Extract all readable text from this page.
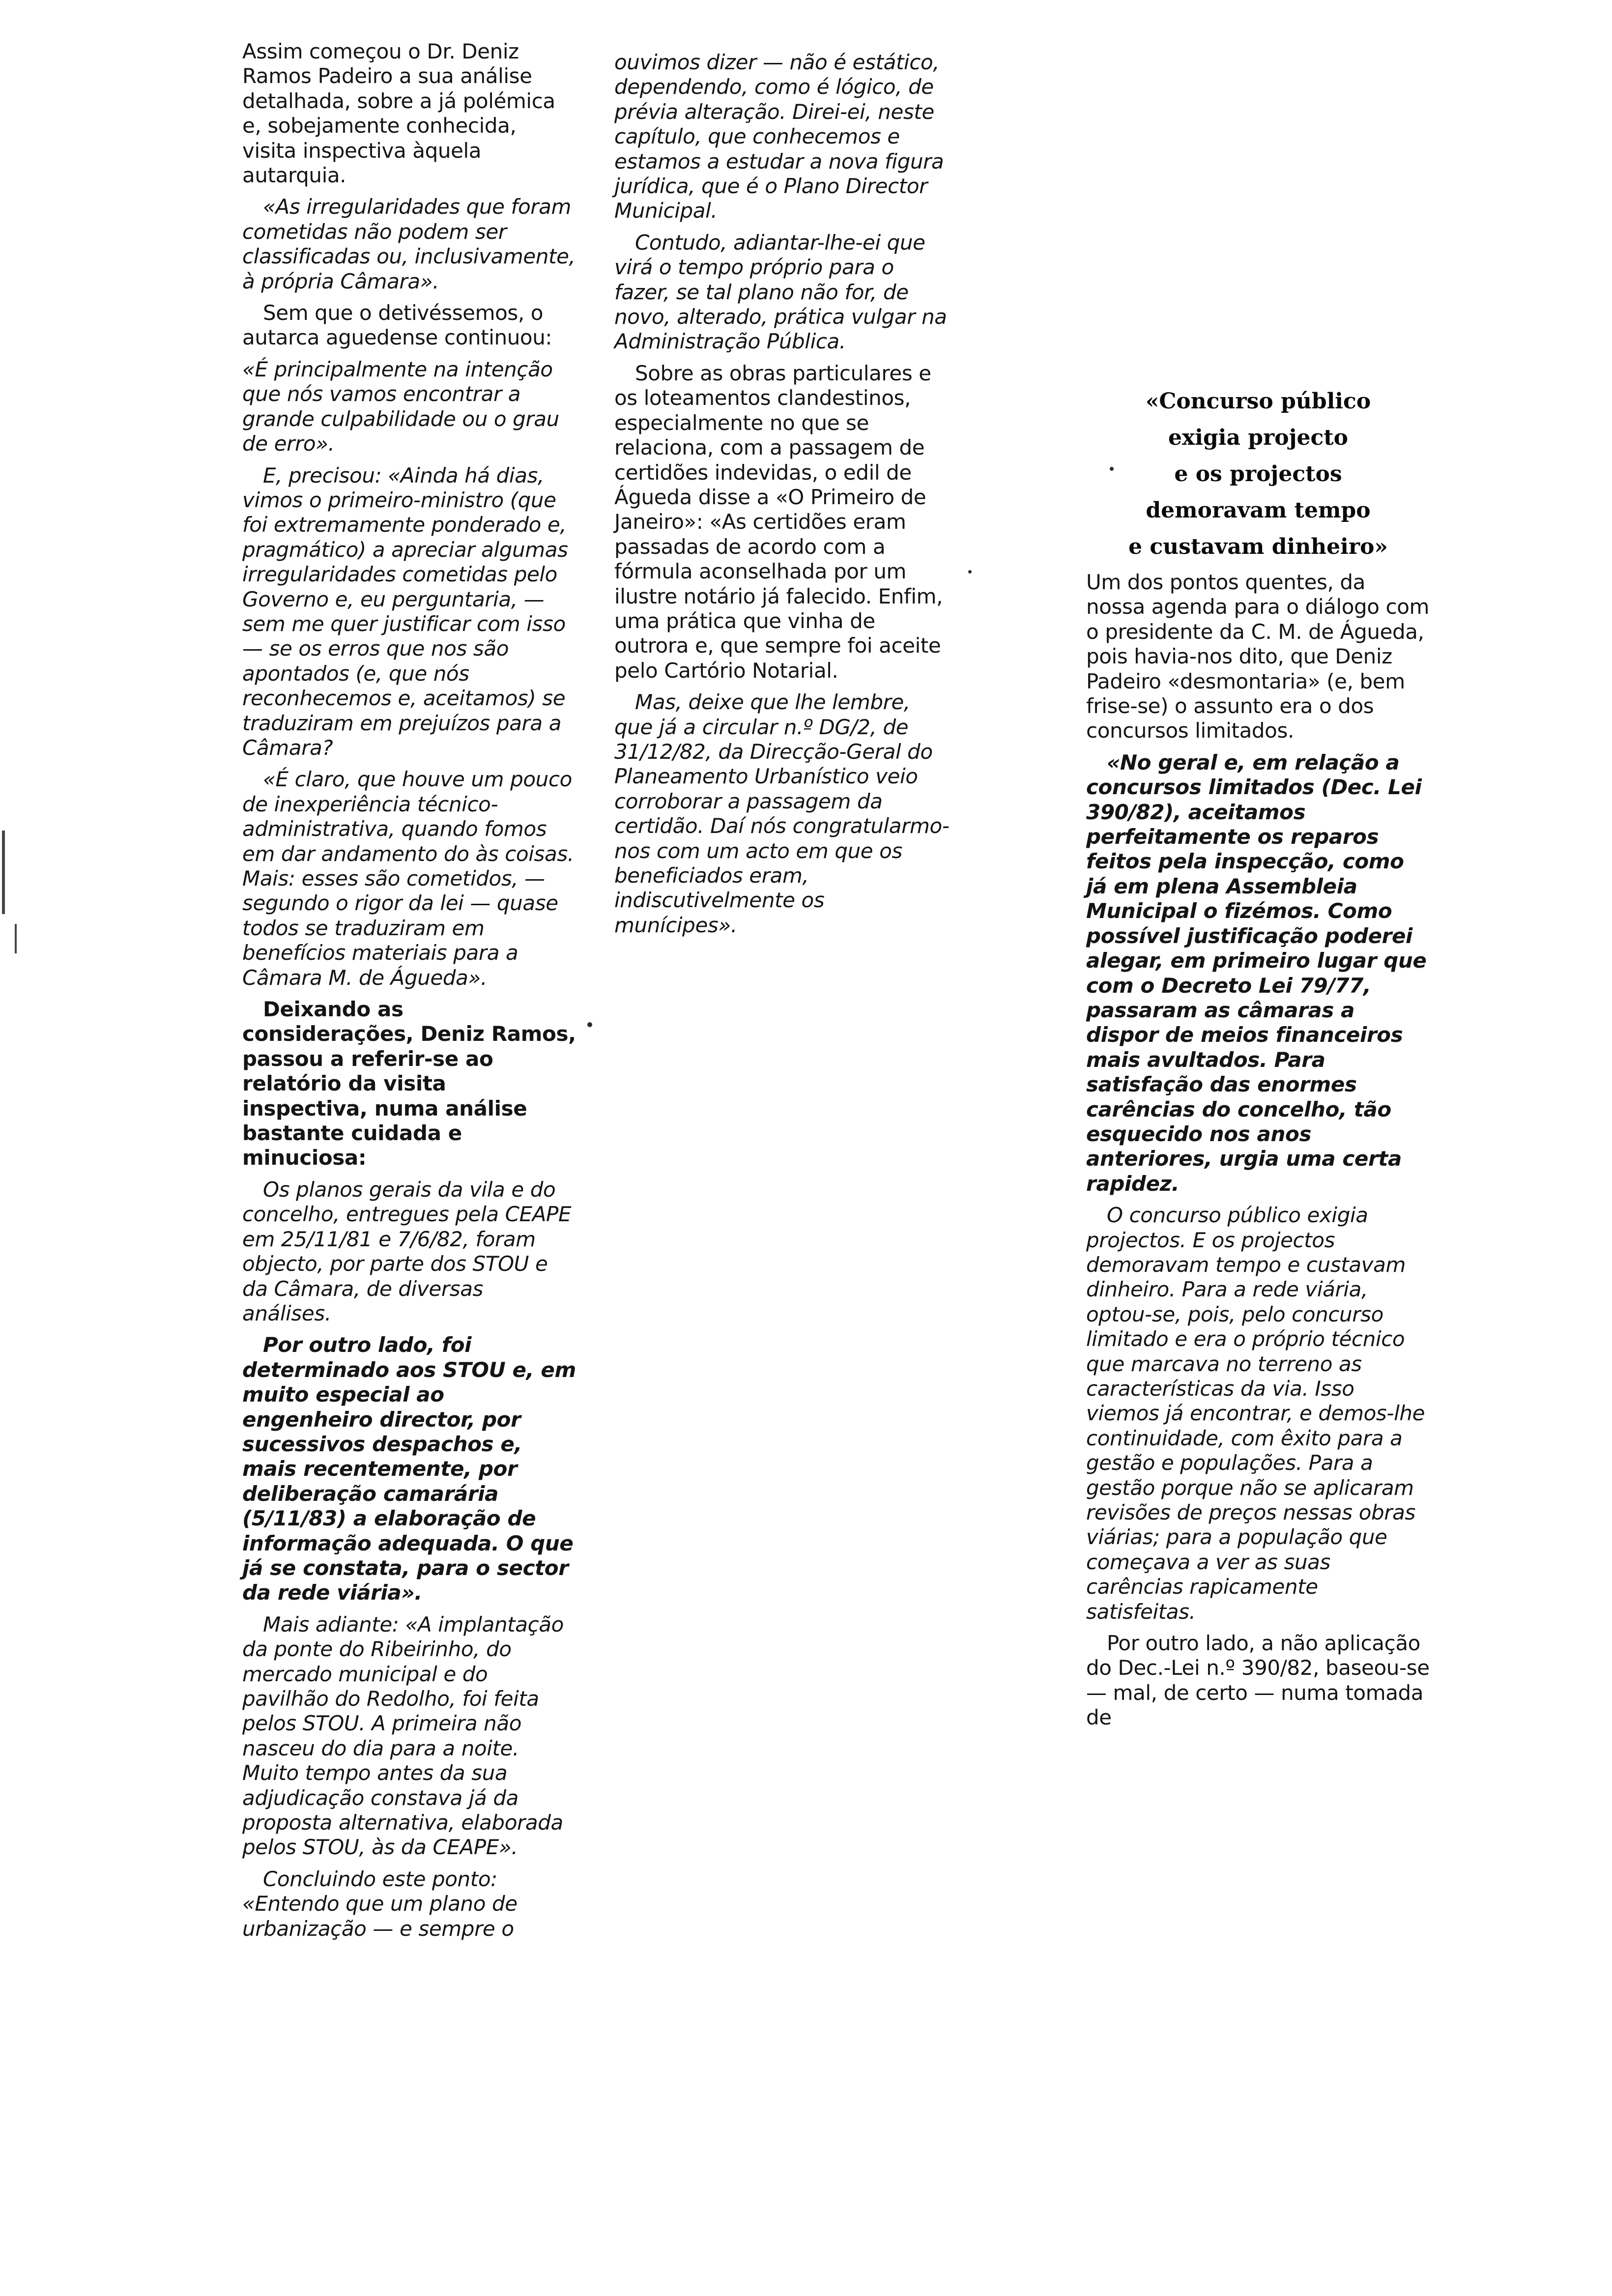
Assim começou o Dr. Deniz Ramos Padeiro a sua análise detalhada, sobre a já polémica e, sobejamente conhecida, visita inspectiva àquela autarquia.

«As irregularidades que foram cometidas não podem ser classificadas ou, inclusivamente, à própria Câmara».

Sem que o detivéssemos, o autarca aguedense continuou:

«É principalmente na intenção que nós vamos encontrar a grande culpabilidade ou o grau de erro».

E, precisou: «Ainda há dias, vimos o primeiro-ministro (que foi extremamente ponderado e, pragmático) a apreciar algumas irregularidades cometidas pelo Governo e, eu perguntaria, — sem me quer justificar com isso — se os erros que nos são apontados (e, que nós reconhecemos e, aceitamos) se traduziram em prejuízos para a Câmara?

«É claro, que houve um pouco de inexperiência técnico-administrativa, quando fomos em dar andamento do às coisas. Mais: esses são cometidos, — segundo o rigor da lei — quase todos se traduziram em benefícios materiais para a Câmara M. de Águeda».

Deixando as considerações, Deniz Ramos, passou a referir-se ao relatório da visita inspectiva, numa análise bastante cuidada e minuciosa:

Os planos gerais da vila e do concelho, entregues pela CEAPE em 25/11/81 e 7/6/82, foram objecto, por parte dos STOU e da Câmara, de diversas análises.

Por outro lado, foi determinado aos STOU e, em muito especial ao engenheiro director, por sucessivos despachos e, mais recentemente, por deliberação camarária (5/11/83) a elaboração de informação adequada. O que já se constata, para o sector da rede viária».

Mais adiante: «A implantação da ponte do Ribeirinho, do mercado municipal e do pavilhão do Redolho, foi feita pelos STOU. A primeira não nasceu do dia para a noite. Muito tempo antes da sua adjudicação constava já da proposta alternativa, elaborada pelos STOU, às da CEAPE».

Concluindo este ponto: «Entendo que um plano de urbanização — e sempre o

ouvimos dizer — não é estático, dependendo, como é lógico, de prévia alteração. Direi-ei, neste capítulo, que conhecemos e estamos a estudar a nova figura jurídica, que é o Plano Director Municipal.

Contudo, adiantar-lhe-ei que virá o tempo próprio para o fazer, se tal plano não for, de novo, alterado, prática vulgar na Administração Pública.

Sobre as obras particulares e os loteamentos clandestinos, especialmente no que se relaciona, com a passagem de certidões indevidas, o edil de Águeda disse a «O Primeiro de Janeiro»: «As certidões eram passadas de acordo com a fórmula aconselhada por um ilustre notário já falecido. Enfim, uma prática que vinha de outrora e, que sempre foi aceite pelo Cartório Notarial.

Mas, deixe que lhe lembre, que já a circular n.º DG/2, de 31/12/82, da Direcção-Geral do Planeamento Urbanístico veio corroborar a passagem da certidão. Daí nós congratularmo-nos com um acto em que os beneficiados eram, indiscutivelmente os munícipes».

«Concurso público
exigia projecto
e os projectos
demoravam tempo
e custavam dinheiro»

Um dos pontos quentes, da nossa agenda para o diálogo com o presidente da C. M. de Águeda, pois havia-nos dito, que Deniz Padeiro «desmontaria» (e, bem frise-se) o assunto era o dos concursos limitados.

«No geral e, em relação a concursos limitados (Dec. Lei 390/82), aceitamos perfeitamente os reparos feitos pela inspecção, como já em plena Assembleia Municipal o fizémos. Como possível justificação poderei alegar, em primeiro lugar que com o Decreto Lei 79/77, passaram as câmaras a dispor de meios financeiros mais avultados. Para satisfação das enormes carências do concelho, tão esquecido nos anos anteriores, urgia uma certa rapidez.

O concurso público exigia projectos. E os projectos demoravam tempo e custavam dinheiro. Para a rede viária, optou-se, pois, pelo concurso limitado e era o próprio técnico que marcava no terreno as características da via. Isso viemos já encontrar, e demos-lhe continuidade, com êxito para a gestão e populações. Para a gestão porque não se aplicaram revisões de preços nessas obras viárias; para a população que começava a ver as suas carências rapicamente satisfeitas.

Por outro lado, a não aplicação do Dec.-Lei n.º 390/82, baseou-se — mal, de certo — numa tomada de
